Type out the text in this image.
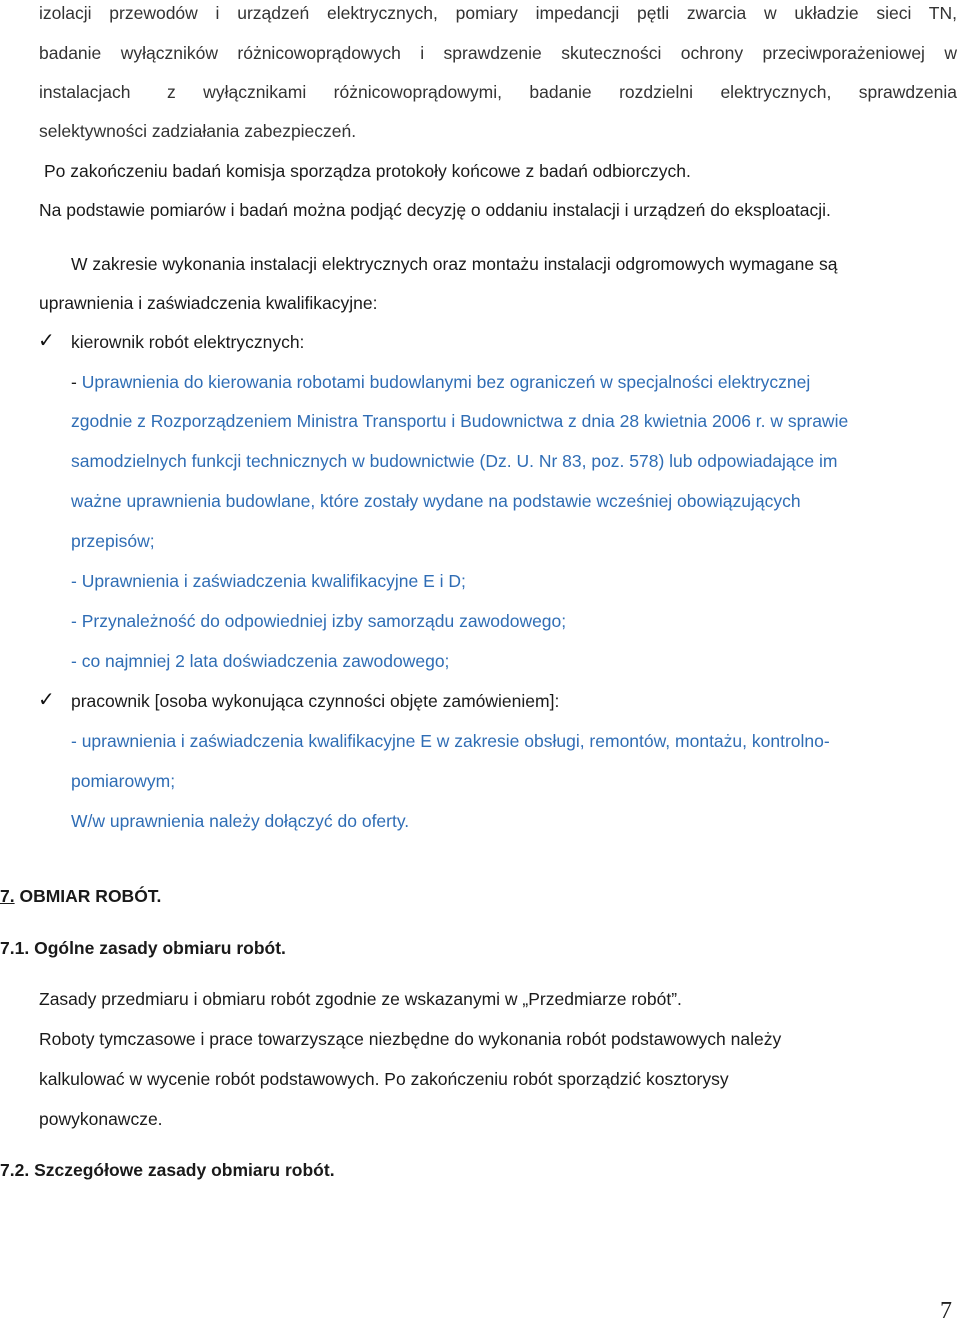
izolacji przewodów i urządzeń elektrycznych, pomiary impedancji pętli zwarcia w układzie sieci TN,
badanie wyłączników różnicowoprądowych i sprawdzenie skuteczności ochrony przeciwporażeniowej w
instalacjach z wyłącznikami różnicowoprądowymi, badanie rozdzielni elektrycznych, sprawdzenia
selektywności zadziałania zabezpieczeń.
Po zakończeniu badań komisja sporządza protokoły końcowe z badań odbiorczych.
Na podstawie pomiarów i badań można podjąć decyzję o oddaniu instalacji i urządzeń do eksploatacji.
W zakresie wykonania instalacji elektrycznych oraz montażu instalacji odgromowych wymagane są
uprawnienia i zaświadczenia kwalifikacyjne:
✓ kierownik robót elektrycznych:
- Uprawnienia do kierowania robotami budowlanymi bez ograniczeń w specjalności elektrycznej
zgodnie z Rozporządzeniem Ministra Transportu i Budownictwa z dnia 28 kwietnia 2006 r. w sprawie
samodzielnych funkcji technicznych w budownictwie (Dz. U. Nr 83, poz. 578) lub odpowiadające im
ważne uprawnienia budowlane, które zostały wydane na podstawie wcześniej obowiązujących
przepisów;
- Uprawnienia i zaświadczenia kwalifikacyjne E i D;
- Przynależność do odpowiedniej izby samorządu zawodowego;
- co najmniej 2 lata doświadczenia zawodowego;
✓ pracownik [osoba wykonująca czynności objęte zamówieniem]:
- uprawnienia i zaświadczenia kwalifikacyjne E w zakresie obsługi, remontów, montażu, kontrolno-
pomiarowym;
W/w uprawnienia należy dołączyć do oferty.
7. OBMIAR ROBÓT.
7.1. Ogólne zasady obmiaru robót.
Zasady przedmiaru i obmiaru robót zgodnie ze wskazanymi w „Przedmiarze robót”.
Roboty tymczasowe i prace towarzyszące niezbędne do wykonania robót podstawowych należy
kalkulować w wycenie robót podstawowych. Po zakończeniu robót sporządzić kosztorysy
powykonawcze.
7.2. Szczegółowe zasady obmiaru robót.
7
